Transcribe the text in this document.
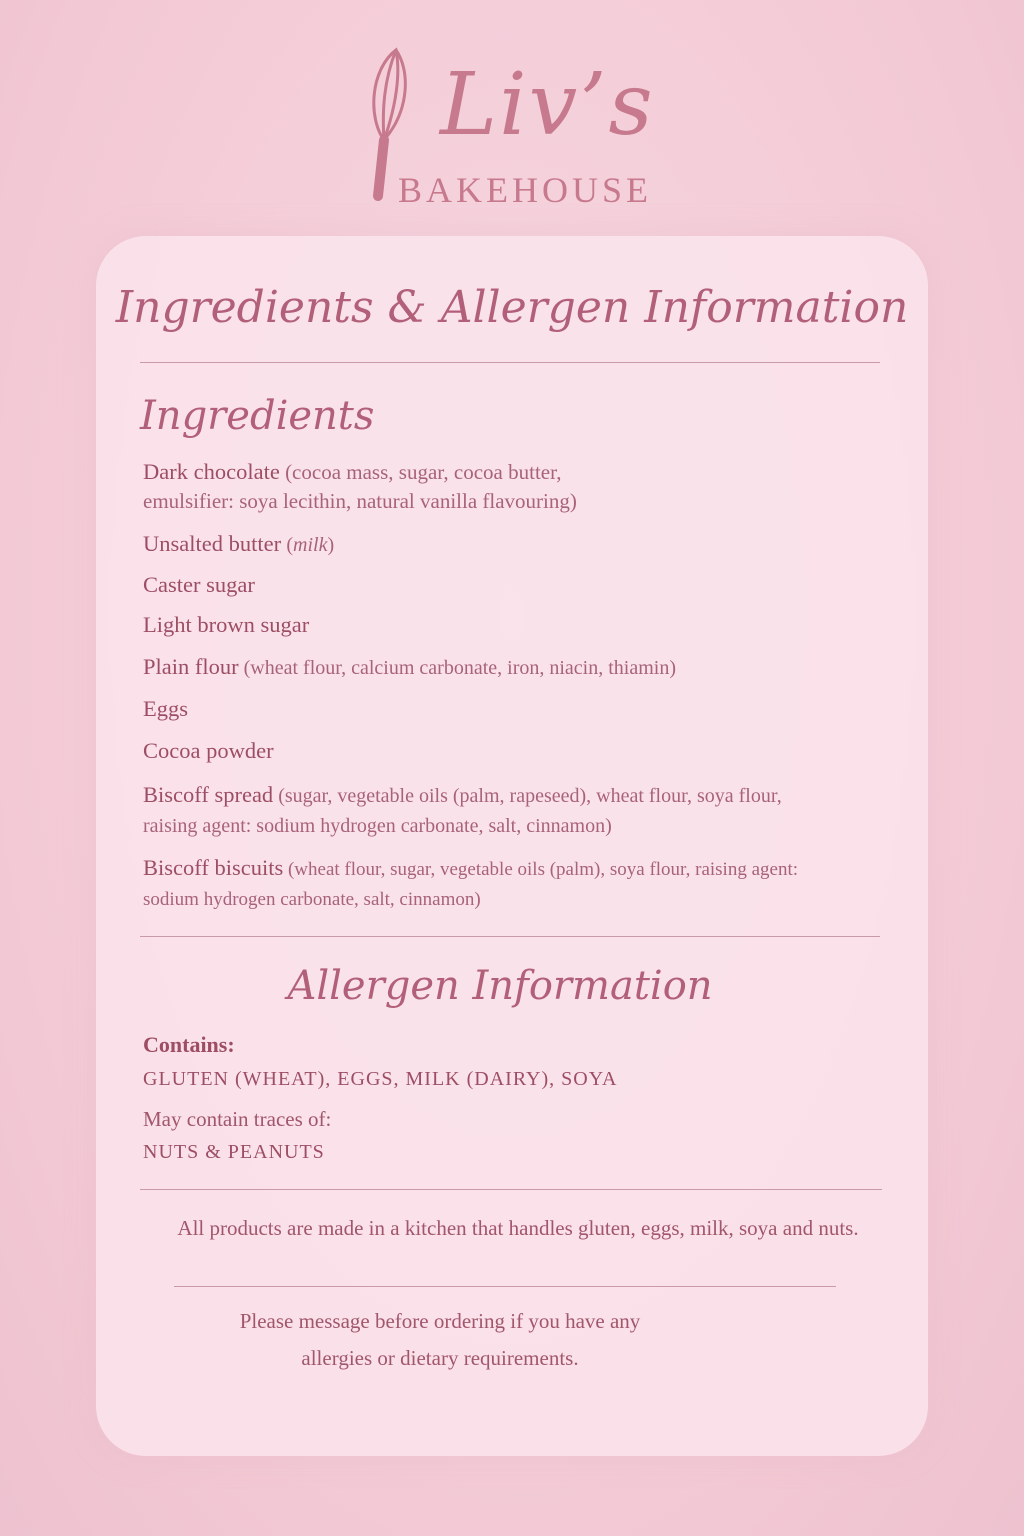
Liv’s
BAKEHOUSE
Ingredients & Allergen Information
Ingredients
Dark chocolate (cocoa mass, sugar, cocoa butter,
emulsifier: soya lecithin, natural vanilla flavouring)
Unsalted butter (milk)
Caster sugar
Light brown sugar
Plain flour (wheat flour, calcium carbonate, iron, niacin, thiamin)
Eggs
Cocoa powder
Biscoff spread (sugar, vegetable oils (palm, rapeseed), wheat flour, soya flour,
raising agent: sodium hydrogen carbonate, salt, cinnamon)
Biscoff biscuits (wheat flour, sugar, vegetable oils (palm), soya flour, raising agent:
sodium hydrogen carbonate, salt, cinnamon)
Allergen Information
Contains:
GLUTEN (WHEAT), EGGS, MILK (DAIRY), SOYA
May contain traces of:
NUTS & PEANUTS
All products are made in a kitchen that handles gluten, eggs, milk, soya and nuts.
Please message before ordering if you have any
allergies or dietary requirements.
